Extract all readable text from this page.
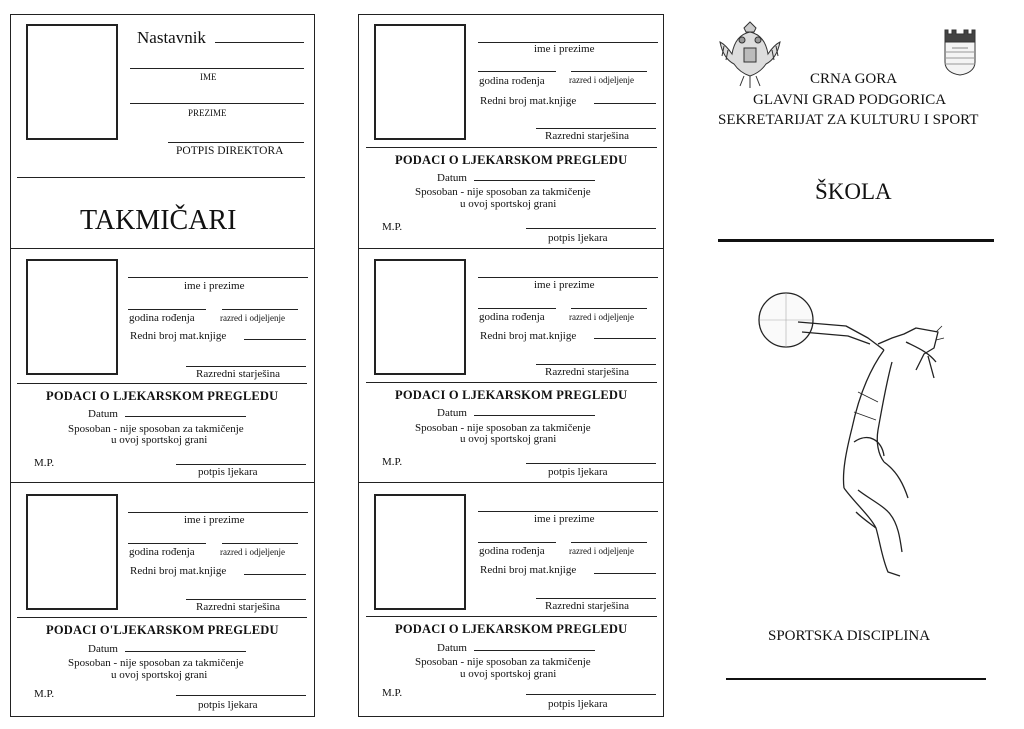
Nastavnik
IME
PREZIME
POTPIS DIREKTORA
TAKMIČARI
ime i prezime
godina rođenja	razred i odjeljenje
Redni broj mat.knjige
Razredni starješina
PODACI O LJEKARSKOM PREGLEDU
Datum
Sposoban - nije sposoban za takmičenje
u ovoj sportskoj grani
M.P.
potpis ljekara
ime i prezime
godina rođenja	razred i odjeljenje
Redni broj mat.knjige
Razredni starješina
PODACI O'LJEKARSKOM PREGLEDU
Datum
Sposoban - nije sposoban za takmičenje
u ovoj sportskoj grani
M.P.
potpis ljekara
ime i prezime
godina rođenja	razred i odjeljenje
Redni broj mat.knjige
Razredni starješina
PODACI O LJEKARSKOM PREGLEDU
Datum
Sposoban - nije sposoban za takmičenje
u ovoj sportskoj grani
M.P.
potpis ljekara
ime i prezime
godina rođenja	razred i odjeljenje
Redni broj mat.knjige
Razredni starješina
PODACI O LJEKARSKOM PREGLEDU
Datum
Sposoban - nije sposoban za takmičenje
u ovoj sportskoj grani
M.P.
potpis ljekara
ime i prezime
godina rođenja	razred i odjeljenje
Redni broj mat.knjige
Razredni starješina
PODACI O LJEKARSKOM PREGLEDU
Datum
Sposoban - nije sposoban za takmičenje
u ovoj sportskoj grani
M.P.
potpis ljekara
CRNA GORA
GLAVNI GRAD PODGORICA
SEKRETARIJAT ZA KULTURU I SPORT
ŠKOLA
SPORTSKA DISCIPLINA
